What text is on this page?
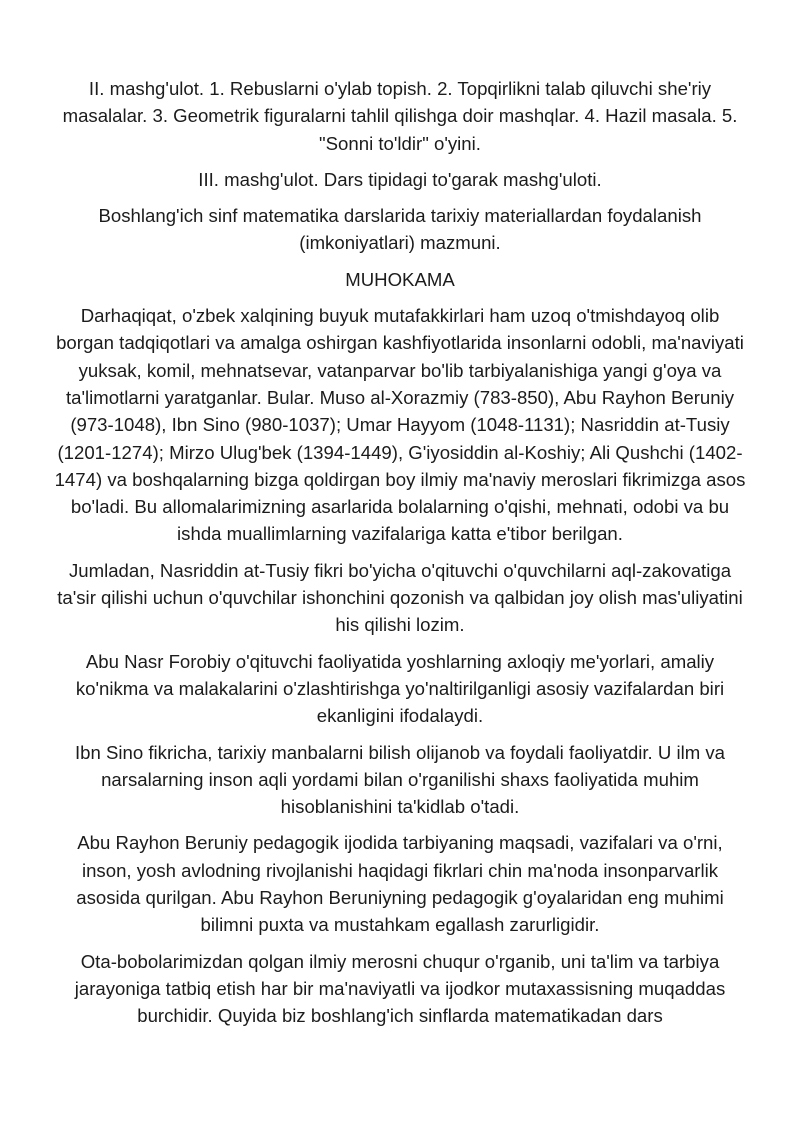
II. mashg'ulot. 1. Rebuslarni o'ylab topish. 2. Topqirlikni talab qiluvchi she'riy masalalar. 3. Geometrik figuralarni tahlil qilishga doir mashqlar. 4. Hazil masala. 5. "Sonni to'ldir" o'yini.

III. mashg'ulot. Dars tipidagi to'garak mashg'uloti.

Boshlang'ich sinf matematika darslarida tarixiy materiallardan foydalanish (imkoniyatlari) mazmuni.

MUHOKAMA

Darhaqiqat, o'zbek xalqining buyuk mutafakkirlari ham uzoq o'tmishdayoq olib borgan tadqiqotlari va amalga oshirgan kashfiyotlarida insonlarni odobli, ma'naviyati yuksak, komil, mehnatsevar, vatanparvar bo'lib tarbiyalanishiga yangi g'oya va ta'limotlarni yaratganlar. Bular. Muso al-Xorazmiy (783-850), Abu Rayhon Beruniy (973-1048), Ibn Sino (980-1037); Umar Hayyom (1048-1131); Nasriddin at-Tusiy (1201-1274); Mirzo Ulug'bek (1394-1449), G'iyosiddin al-Koshiy; Ali Qushchi (1402-1474) va boshqalarning bizga qoldirgan boy ilmiy ma'naviy meroslari fikrimizga asos bo'ladi. Bu allomalarimizning asarlarida bolalarning o'qishi, mehnati, odobi va bu ishda muallimlarning vazifalariga katta e'tibor berilgan.

Jumladan, Nasriddin at-Tusiy fikri bo'yicha o'qituvchi o'quvchilarni aql-zakovatiga ta'sir qilishi uchun o'quvchilar ishonchini qozonish va qalbidan joy olish mas'uliyatini his qilishi lozim.

Abu Nasr Forobiy o'qituvchi faoliyatida yoshlarning axloqiy me'yorlari, amaliy ko'nikma va malakalarini o'zlashtirishga yo'naltirilganligi asosiy vazifalardan biri ekanligini ifodalaydi.

Ibn Sino fikricha, tarixiy manbalarni bilish olijanob va foydali faoliyatdir. U ilm va narsalarning inson aqli yordami bilan o'rganilishi shaxs faoliyatida muhim hisoblanishini ta'kidlab o'tadi.

Abu Rayhon Beruniy pedagogik ijodida tarbiyaning maqsadi, vazifalari va o'rni, inson, yosh avlodning rivojlanishi haqidagi fikrlari chin ma'noda insonparvarlik asosida qurilgan. Abu Rayhon Beruniyning pedagogik g'oyalaridan eng muhimi bilimni puxta va mustahkam egallash zarurligidir.

Ota-bobolarimizdan qolgan ilmiy merosni chuqur o'rganib, uni ta'lim va tarbiya jarayoniga tatbiq etish har bir ma'naviyatli va ijodkor mutaxassisning muqaddas burchidir. Quyida biz boshlang'ich sinflarda matematikadan dars
